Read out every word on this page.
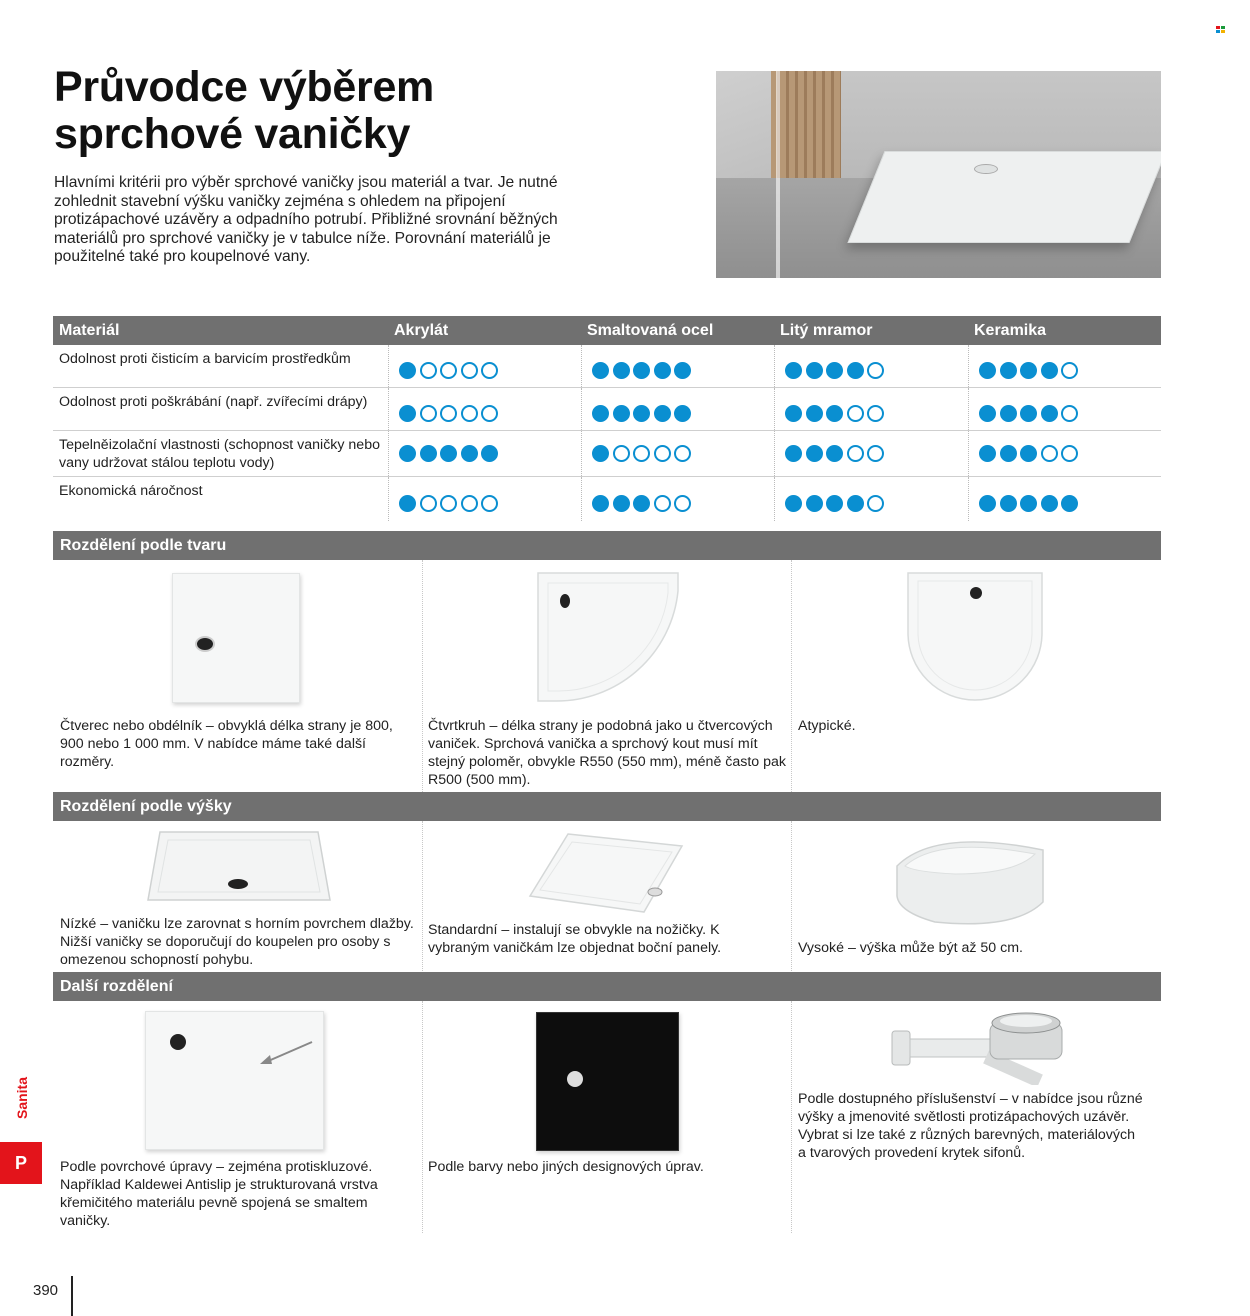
Průvodce výběrem
sprchové vaničky

Hlavními kritérii pro výběr sprchové vaničky jsou materiál a tvar. Je nutné zohlednit stavební výšku vaničky zejména s ohledem na připojení protizápachové uzávěry a odpadního potrubí. Přibližné srovnání běžných materiálů pro sprchové vaničky je v tabulce níže. Porovnání materiálů je použitelné také pro koupelnové vany.

Materiál	Akrylát	Smaltovaná ocel	Litý mramor	Keramika
Odolnost proti čisticím a barvicím prostředkům
Odolnost proti poškrábání (např. zvířecími drápy)
Tepelněizolační vlastnosti (schopnost vaničky nebo vany udržovat stálou teplotu vody)
Ekonomická náročnost
Rozdělení podle tvaru

Čtverec nebo obdélník – obvyklá délka strany je 800, 900 nebo 1 000 mm. V nabídce máme také další rozměry.

Čtvrtkruh – délka strany je podobná jako u čtvercových vaniček. Sprchová vanička a sprchový kout musí mít stejný poloměr, obvykle R550 (550 mm), méně často pak R500 (500 mm).

Atypické.

Rozdělení podle výšky

Nízké – vaničku lze zarovnat s horním povrchem dlažby. Nižší vaničky se doporučují do koupelen pro osoby s omezenou schopností pohybu.

Standardní – instalují se obvykle na nožičky. K vybraným vaničkám lze objednat boční panely.	Vysoké – výška může být až 50 cm.

Další rozdělení

Podle povrchové úpravy – zejména protiskluzové. Například Kaldewei Antislip je strukturovaná vrstva křemičitého materiálu pevně spojená se smaltem vaničky.

Podle barvy nebo jiných designových úprav.

Podle dostupného příslušenství – v nabídce jsou různé výšky a jmenovité světlosti protizápachových uzávěr. Vybrat si lze také z různých barevných, materiálových a tvarových provedení krytek sifonů.

Sanita
P
390
